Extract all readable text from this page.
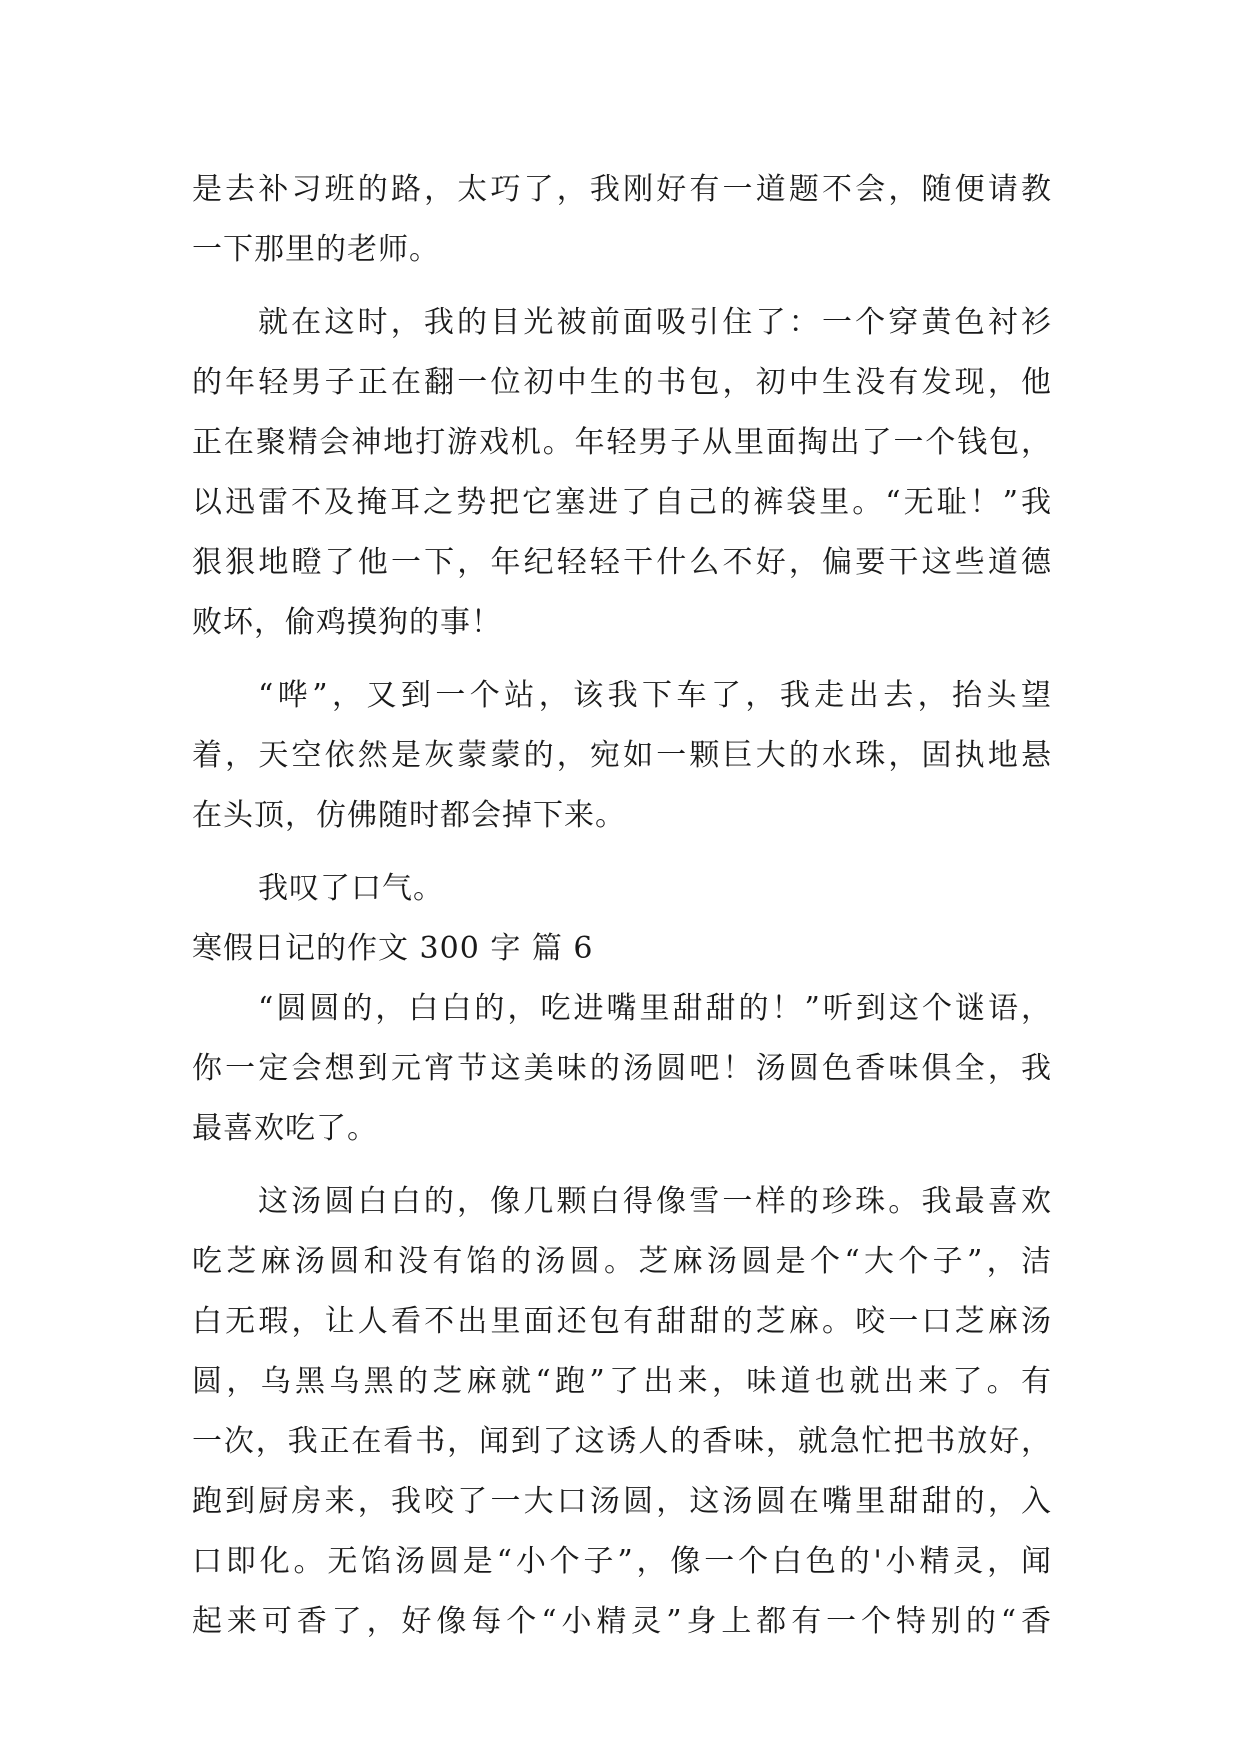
是去补习班的路，太巧了，我刚好有一道题不会，随便请教
一下那里的老师。
就在这时，我的目光被前面吸引住了：一个穿黄色衬衫
的年轻男子正在翻一位初中生的书包，初中生没有发现，他
正在聚精会神地打游戏机。年轻男子从里面掏出了一个钱包，
以迅雷不及掩耳之势把它塞进了自己的裤袋里。“无耻！”我
狠狠地瞪了他一下，年纪轻轻干什么不好，偏要干这些道德
败坏，偷鸡摸狗的事！
“哗”，又到一个站，该我下车了，我走出去，抬头望
着，天空依然是灰蒙蒙的，宛如一颗巨大的水珠，固执地悬
在头顶，仿佛随时都会掉下来。
我叹了口气。
寒假日记的作文 300 字 篇 6
“圆圆的，白白的，吃进嘴里甜甜的！”听到这个谜语，
你一定会想到元宵节这美味的汤圆吧！汤圆色香味俱全，我
最喜欢吃了。
这汤圆白白的，像几颗白得像雪一样的珍珠。我最喜欢
吃芝麻汤圆和没有馅的汤圆。芝麻汤圆是个“大个子”，洁
白无瑕，让人看不出里面还包有甜甜的芝麻。咬一口芝麻汤
圆，乌黑乌黑的芝麻就“跑”了出来，味道也就出来了。有
一次，我正在看书，闻到了这诱人的香味，就急忙把书放好，
跑到厨房来，我咬了一大口汤圆，这汤圆在嘴里甜甜的，入
口即化。无馅汤圆是“小个子”，像一个白色的'小精灵，闻
起来可香了，好像每个“小精灵”身上都有一个特别的“香
